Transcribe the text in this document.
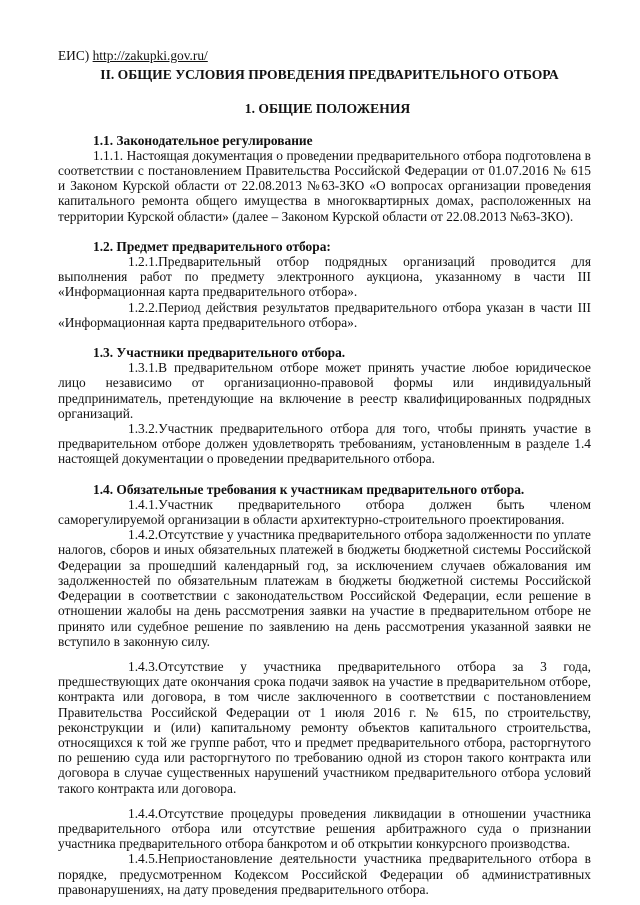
ЕИС) http://zakupki.gov.ru/

II. ОБЩИЕ УСЛОВИЯ ПРОВЕДЕНИЯ ПРЕДВАРИТЕЛЬНОГО ОТБОРА

1. ОБЩИЕ ПОЛОЖЕНИЯ

1.1. Законодательное регулирование

1.1.1. Настоящая документация о проведении предварительного отбора подготовлена в соответствии с постановлением Правительства Российской Федерации от 01.07.2016 № 615 и Законом Курской области от 22.08.2013 №63-ЗКО «О вопросах организации проведения капитального ремонта общего имущества в многоквартирных домах, расположенных на территории Курской области» (далее – Законом Курской области от 22.08.2013 №63-ЗКО).

1.2. Предмет предварительного отбора:

1.2.1.Предварительный отбор подрядных организаций проводится для выполнения работ по предмету электронного аукциона, указанному в части III «Информационная карта предварительного отбора».

1.2.2.Период действия результатов предварительного отбора указан в части III «Информационная карта предварительного отбора».

1.3. Участники предварительного отбора.

1.3.1.В предварительном отборе может принять участие любое юридическое лицо независимо от организационно-правовой формы или индивидуальный предприниматель, претендующие на включение в реестр квалифицированных подрядных организаций.

1.3.2.Участник предварительного отбора для того, чтобы принять участие в предварительном отборе должен удовлетворять требованиям, установленным в разделе 1.4 настоящей документации о проведении предварительного отбора.

1.4. Обязательные требования к участникам предварительного отбора.

1.4.1.Участник предварительного отбора должен быть членом саморегулируемой организации в области архитектурно-строительного проектирования.

1.4.2.Отсутствие у участника предварительного отбора задолженности по уплате налогов, сборов и иных обязательных платежей в бюджеты бюджетной системы Российской Федерации за прошедший календарный год, за исключением случаев обжалования им задолженностей по обязательным платежам в бюджеты бюджетной системы Российской Федерации в соответствии с законодательством Российской Федерации, если решение в отношении жалобы на день рассмотрения заявки на участие в предварительном отборе не принято или судебное решение по заявлению на день рассмотрения указанной заявки не вступило в законную силу.

1.4.3.Отсутствие у участника предварительного отбора за 3 года, предшествующих дате окончания срока подачи заявок на участие в предварительном отборе, контракта или договора, в том числе заключенного в соответствии с постановлением Правительства Российской Федерации от 1 июля 2016 г. № 615, по строительству, реконструкции и (или) капитальному ремонту объектов капитального строительства, относящихся к той же группе работ, что и предмет предварительного отбора, расторгнутого по решению суда или расторгнутого по требованию одной из сторон такого контракта или договора в случае существенных нарушений участником предварительного отбора условий такого контракта или договора.

1.4.4.Отсутствие процедуры проведения ликвидации в отношении участника предварительного отбора или отсутствие решения арбитражного суда о признании участника предварительного отбора банкротом и об открытии конкурсного производства.

1.4.5.Неприостановление деятельности участника предварительного отбора в порядке, предусмотренном Кодексом Российской Федерации об административных правонарушениях, на дату проведения предварительного отбора.
